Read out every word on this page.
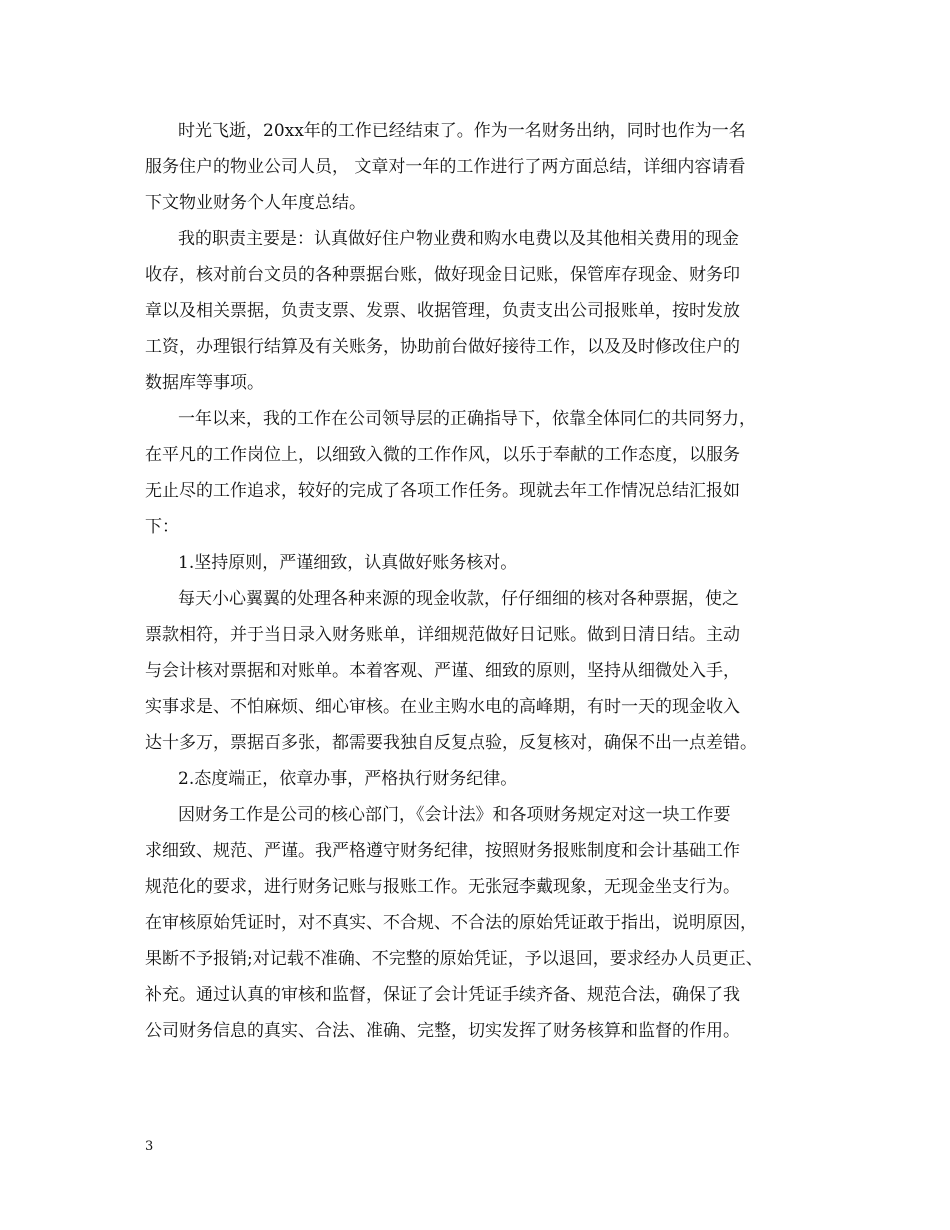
时光飞逝，20xx年的工作已经结束了。作为一名财务出纳，同时也作为一名
服务住户的物业公司人员， 文章对一年的工作进行了两方面总结，详细内容请看
下文物业财务个人年度总结。
我的职责主要是：认真做好住户物业费和购水电费以及其他相关费用的现金
收存，核对前台文员的各种票据台账，做好现金日记账，保管库存现金、财务印
章以及相关票据，负责支票、发票、收据管理，负责支出公司报账单，按时发放
工资，办理银行结算及有关账务，协助前台做好接待工作，以及及时修改住户的
数据库等事项。
一年以来，我的工作在公司领导层的正确指导下，依靠全体同仁的共同努力，
在平凡的工作岗位上，以细致入微的工作作风，以乐于奉献的工作态度，以服务
无止尽的工作追求，较好的完成了各项工作任务。现就去年工作情况总结汇报如
下：
1.坚持原则，严谨细致，认真做好账务核对。
每天小心翼翼的处理各种来源的现金收款，仔仔细细的核对各种票据，使之
票款相符，并于当日录入财务账单，详细规范做好日记账。做到日清日结。主动
与会计核对票据和对账单。本着客观、严谨、细致的原则，坚持从细微处入手，
实事求是、不怕麻烦、细心审核。在业主购水电的高峰期，有时一天的现金收入
达十多万，票据百多张，都需要我独自反复点验，反复核对，确保不出一点差错。
2.态度端正，依章办事，严格执行财务纪律。
因财务工作是公司的核心部门，《会计法》和各项财务规定对这一块工作要
求细致、规范、严谨。我严格遵守财务纪律，按照财务报账制度和会计基础工作
规范化的要求，进行财务记账与报账工作。无张冠李戴现象，无现金坐支行为。
在审核原始凭证时，对不真实、不合规、不合法的原始凭证敢于指出，说明原因，
果断不予报销;对记载不准确、不完整的原始凭证，予以退回，要求经办人员更正、
补充。通过认真的审核和监督，保证了会计凭证手续齐备、规范合法，确保了我
公司财务信息的真实、合法、准确、完整，切实发挥了财务核算和监督的作用。
3
